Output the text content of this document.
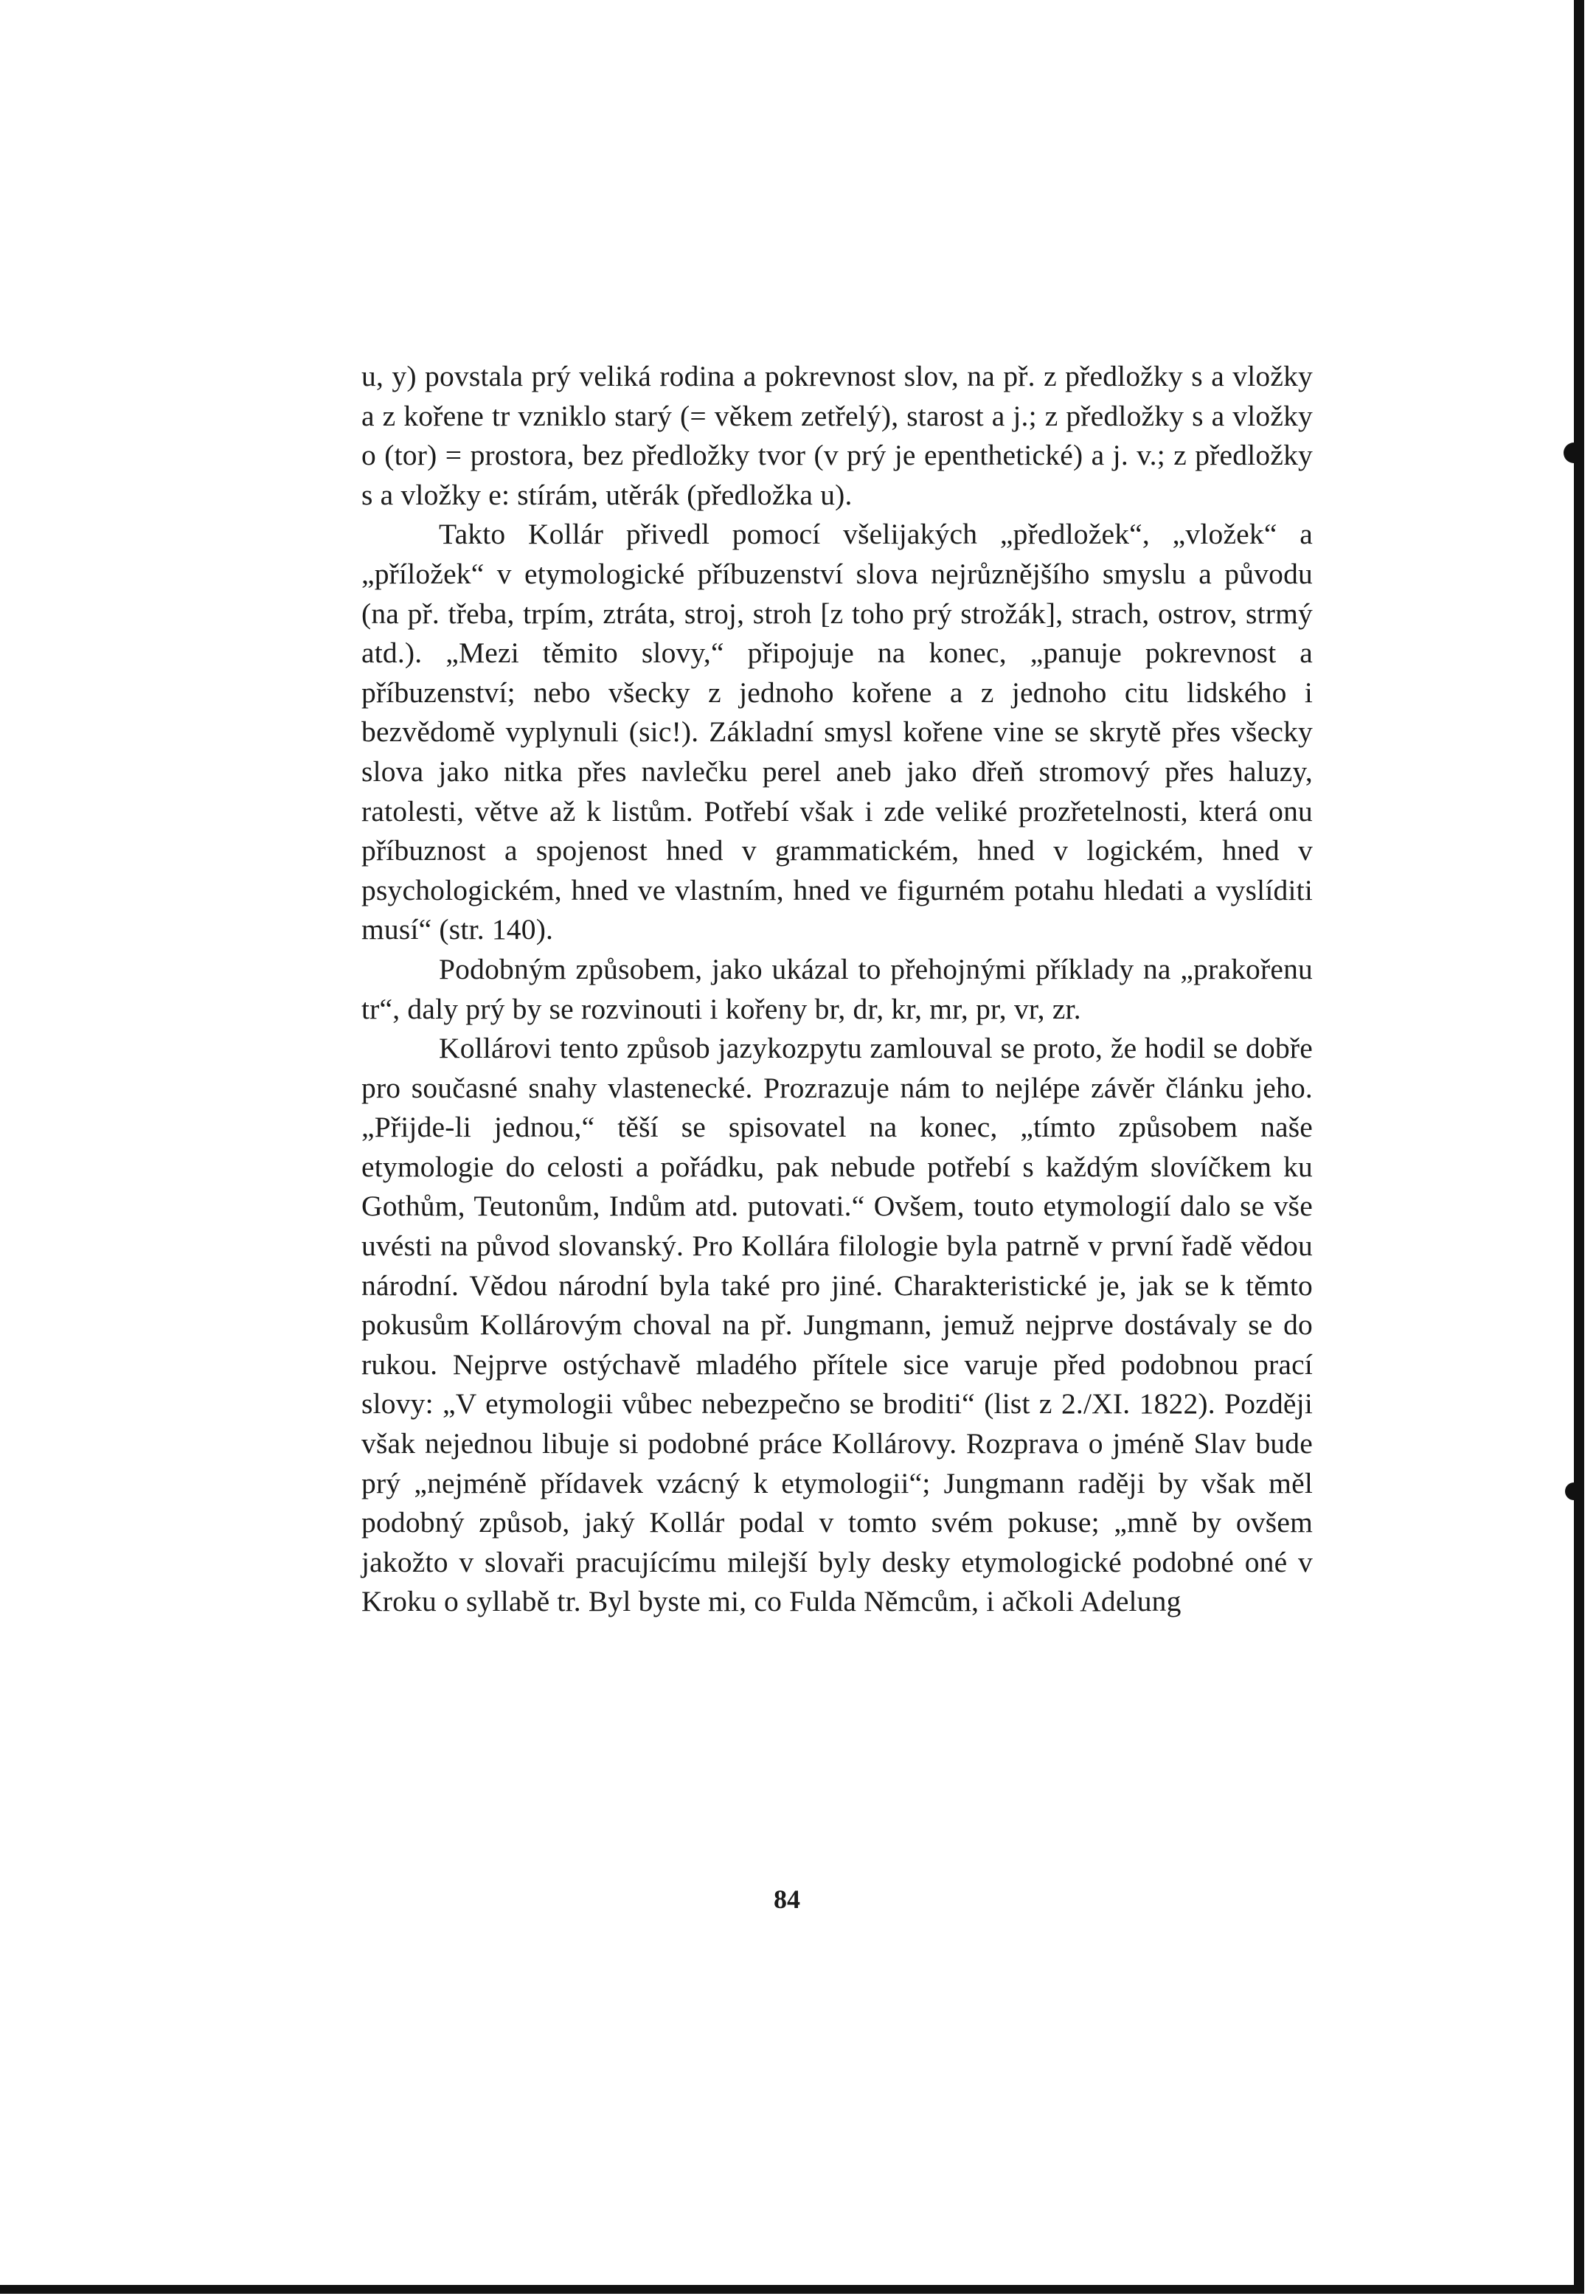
u, y) povstala prý veliká rodina a pokrevnost slov, na př. z předložky s a vložky a z kořene tr vzniklo starý (= věkem zetřelý), starost a j.; z předložky s a vložky o (tor) = prostora, bez předložky tvor (v prý je epenthetické) a j. v.; z předložky s a vložky e: stírám, utěrák (předložka u).

Takto Kollár přivedl pomocí všelijakých „předložek“, „vložek“ a „příložek“ v etymologické příbuzenství slova nejrůznějšího smyslu a původu (na př. třeba, trpím, ztráta, stroj, stroh [z toho prý strožák], strach, ostrov, strmý atd.). „Mezi těmito slovy,“ připojuje na konec, „panuje pokrevnost a příbuzenství; nebo všecky z jednoho kořene a z jednoho citu lidského i bezvědomě vyplynuli (sic!). Základní smysl kořene vine se skrytě přes všecky slova jako nitka přes navlečku perel aneb jako dřeň stromový přes haluzy, ratolesti, větve až k listům. Potřebí však i zde veliké prozřetelnosti, která onu příbuznost a spojenost hned v grammatickém, hned v logickém, hned v psychologickém, hned ve vlastním, hned ve figurném potahu hledati a vyslíditi musí“ (str. 140).

Podobným způsobem, jako ukázal to přehojnými příklady na „prakořenu tr“, daly prý by se rozvinouti i kořeny br, dr, kr, mr, pr, vr, zr.

Kollárovi tento způsob jazykozpytu zamlouval se proto, že hodil se dobře pro současné snahy vlastenecké. Prozrazuje nám to nejlépe závěr článku jeho. „Přijde-li jednou,“ těší se spisovatel na konec, „tímto způsobem naše etymologie do celosti a pořádku, pak nebude potřebí s každým slovíčkem ku Gothům, Teutonům, Indům atd. putovati.“ Ovšem, touto etymologií dalo se vše uvésti na původ slovanský. Pro Kollára filologie byla patrně v první řadě vědou národní. Vědou národní byla také pro jiné. Charakteristické je, jak se k těmto pokusům Kollárovým choval na př. Jungmann, jemuž nejprve dostávaly se do rukou. Nejprve ostýchavě mladého přítele sice varuje před podobnou prací slovy: „V etymologii vůbec nebezpečno se broditi“ (list z 2./XI. 1822). Později však nejednou libuje si podobné práce Kollárovy. Rozprava o jméně Slav bude prý „nejméně přídavek vzácný k etymologii“; Jungmann raději by však měl podobný způsob, jaký Kollár podal v tomto svém pokuse; „mně by ovšem jakožto v slovaři pracujícímu milejší byly desky etymologické podobné oné v Kroku o syllabě tr. Byl byste mi, co Fulda Němcům, i ačkoli Adelung

84
